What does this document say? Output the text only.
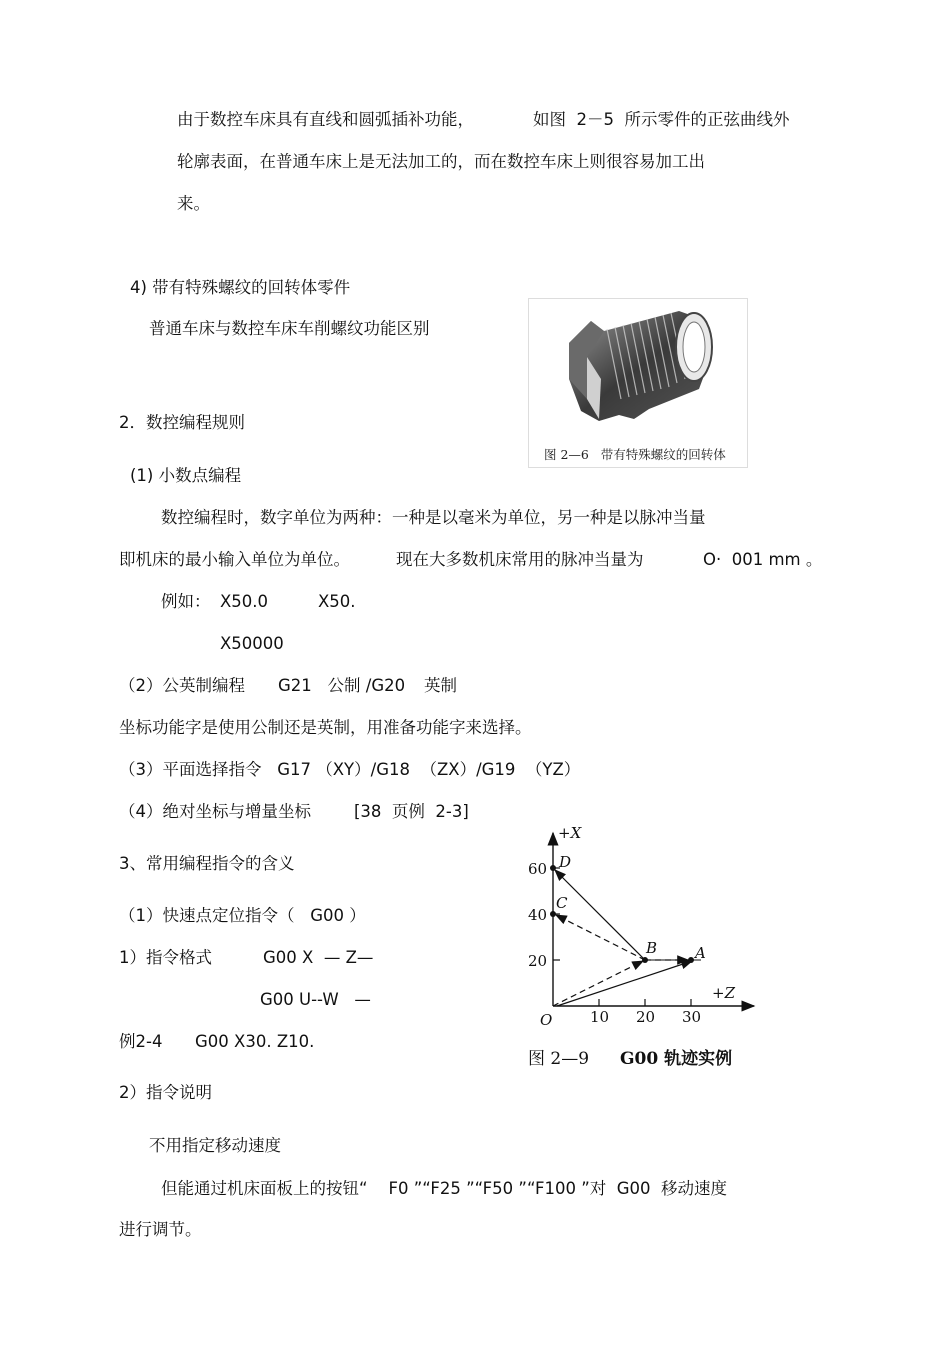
由于数控车床具有直线和圆弧插补功能，	如图  2－5  所示零件的正弦曲线外
轮廓表面，在普通车床上是无法加工的，而在数控车床上则很容易加工出
来。
4) 带有特殊螺纹的回转体零件
普通车床与数控车床车削螺纹功能区别
图 2—6   带有特殊螺纹的回转体
2．数控编程规则
(1) 小数点编程
数控编程时，数字单位为两种：一种是以毫米为单位，另一种是以脉冲当量
即机床的最小输入单位为单位。	现在大多数机床常用的脉冲当量为	O·  001 mm 。
例如： X50.0	X50.
X50000
（2）公英制编程 G21   公制 /G20 英制
坐标功能字是使用公制还是英制，用准备功能字来选择。
（3）平面选择指令   G17 （XY）/G18  （ZX）/G19  （YZ）
（4）绝对坐标与增量坐标	[38  页例  2-3]
3、常用编程指令的含义
（1）快速点定位指令（   G00 ）
1）指令格式	G00 X  — Z—
G00 U--W   —
例2-4 G00 X30. Z10.
2）指令说明
不用指定移动速度
但能通过机床面板上的按钮“    F0 ”“F25 ”“F50 ”“F100 ”对  G00  移动速度
进行调节。
+X
+Z
O
20
40
60
10 20 30
D
C
B	A
图 2—9 G00 轨迹实例
